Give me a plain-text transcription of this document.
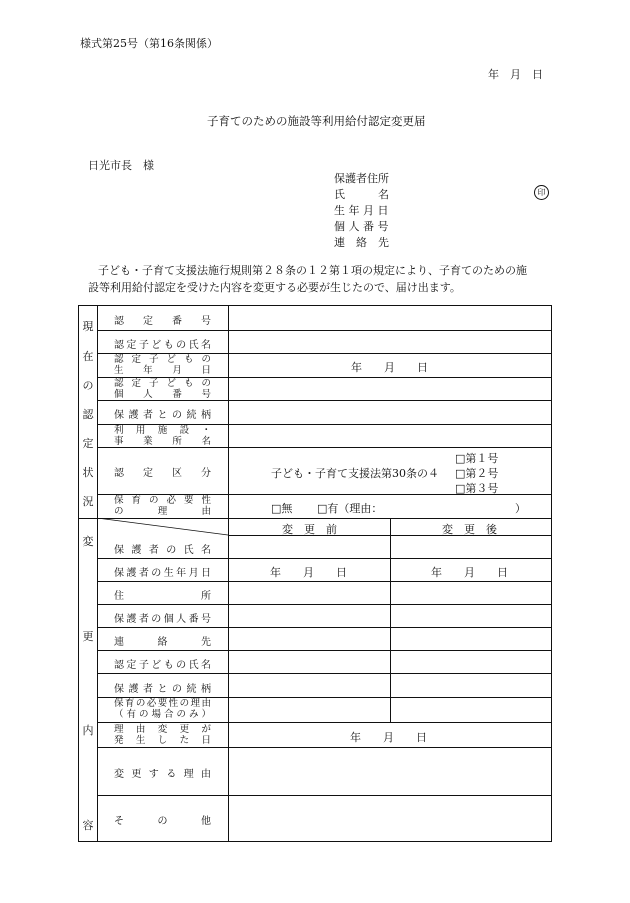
様式第25号（第16条関係）
年　月　日
子育てのための施設等利用給付認定変更届
日光市長　様
保護者住所
氏　　　名	印
生 年 月 日
個 人 番 号
連　絡　先
子ども・子育て支援法施行規則第２８条の１２第１項の規定により、子育てのための施
設等利用給付認定を受けた内容を変更する必要が生じたので、届け出ます。
現
在
の
認
定
状
況
認　定　番　号
認定子どもの氏名
認定子どもの
生　年　月　日	年　　月　　日
認定子どもの
個　人　番　号
保護者との続柄
利用施設・
事業所名
認　定　区　分	子ども・子育て支援法第30条の４
□第１号
□第２号
□第３号
保育の必要性
の　理　由	□無 □有（理由：	）
変
更
内
容
変　更　前	変　更　後
保護者の氏名
保護者の生年月日	年　　月　　日	年　　月　　日
住　　　所
保護者の個人番号
連　絡　先
認定子どもの氏名
保護者との続柄
保育の必要性の理由
（有の場合のみ）
理由変更が
発生した日	年　　月　　日
変更する理由
そ　の　他
